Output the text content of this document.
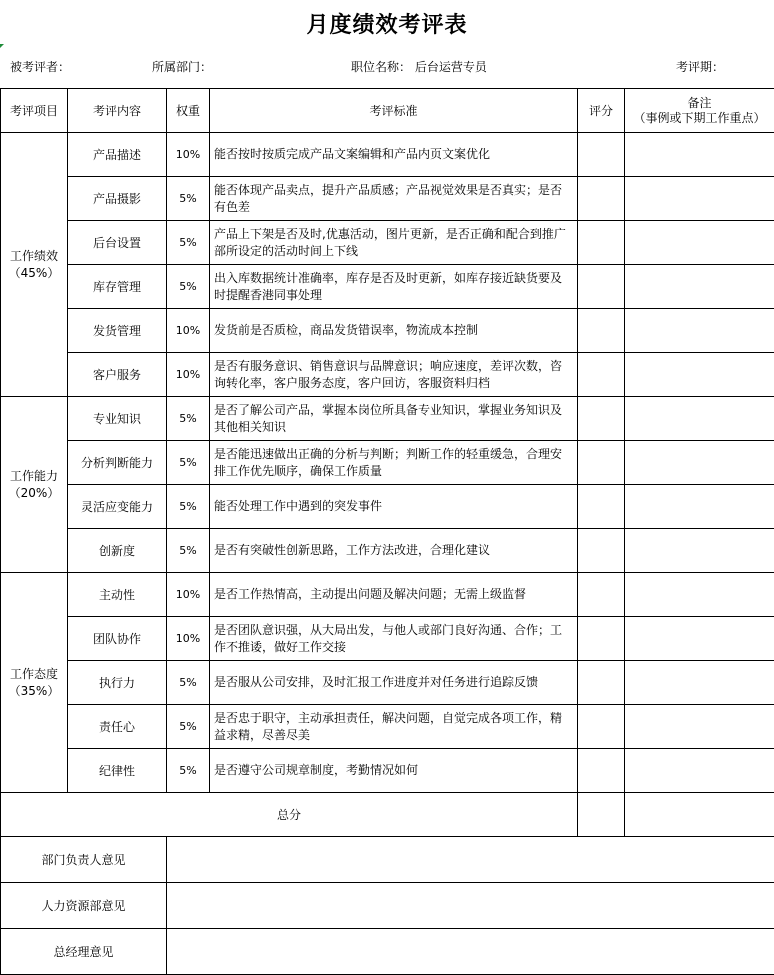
月度绩效考评表
被考评者：	所属部门：	职位名称： 后台运营专员	考评期：
考评项目	考评内容	权重	考评标准	评分	备注
（事例或下期工作重点）

工作绩效
（45%）	产品描述	10%	能否按时按质完成产品文案编辑和产品内页文案优化		
	产品摄影	5%	能否体现产品卖点，提升产品质感；产品视觉效果是否真实；是否有色差		
	后台设置	5%	产品上下架是否及时,优惠活动，图片更新，是否正确和配合到推广部所设定的活动时间上下线		
	库存管理	5%	出入库数据统计准确率，库存是否及时更新，如库存接近缺货要及时提醒香港同事处理		
	发货管理	10%	发货前是否质检，商品发货错误率，物流成本控制		
	客户服务	10%	是否有服务意识、销售意识与品牌意识；响应速度，差评次数，咨询转化率，客户服务态度，客户回访，客服资料归档		

工作能力
（20%）	专业知识	5%	是否了解公司产品，掌握本岗位所具备专业知识，掌握业务知识及其他相关知识		
	分析判断能力	5%	是否能迅速做出正确的分析与判断；判断工作的轻重缓急，合理安排工作优先顺序，确保工作质量		
	灵活应变能力	5%	能否处理工作中遇到的突发事件		
	创新度	5%	是否有突破性创新思路，工作方法改进，合理化建议		

工作态度
（35%）	主动性	10%	是否工作热情高，主动提出问题及解决问题；无需上级监督		
	团队协作	10%	是否团队意识强，从大局出发，与他人或部门良好沟通、合作；工作不推诿，做好工作交接		
	执行力	5%	是否服从公司安排，及时汇报工作进度并对任务进行追踪反馈		
	责任心	5%	是否忠于职守，主动承担责任，解决问题，自觉完成各项工作，精益求精，尽善尽美		
	纪律性	5%	是否遵守公司规章制度，考勤情况如何		
总分					
部门负责人意见	
人力资源部意见	
总经理意见	
